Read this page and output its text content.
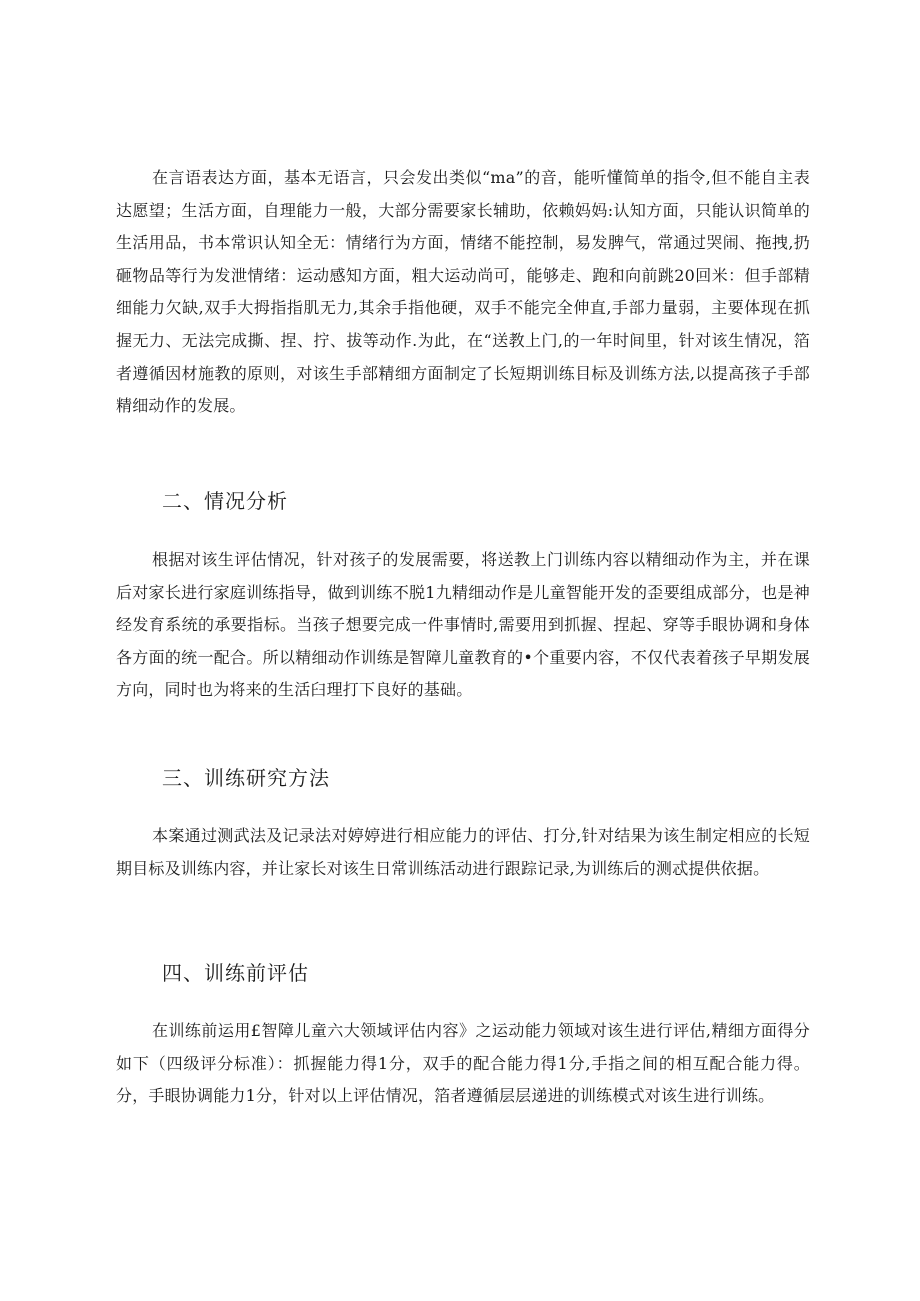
在言语表达方面，基本无语言，只会发出类似“ma”的音，能听懂简单的指令,但不能自主表达愿望；生活方面，自理能力一般，大部分需要家长辅助，依赖妈妈:认知方面，只能认识简单的生活用品，书本常识认知全无：情绪行为方面，情绪不能控制，易发脾气，常通过哭闹、拖拽,扔砸物品等行为发泄情绪：运动感知方面，粗大运动尚可，能够走、跑和向前跳20回米：但手部精细能力欠缺,双手大拇指指肌无力,其余手指他硬，双手不能完全伸直,手部力量弱，主要体现在抓握无力、无法完成撕、捏、拧、拔等动作.为此，在“送教上门,的一年时间里，针对该生情况，箔者遵循因材施教的原则，对该生手部精细方面制定了长短期训练目标及训练方法,以提高孩子手部精细动作的发展。

二、情况分析

根据对该生评估情况，针对孩子的发展需要，将送教上门训练内容以精细动作为主，并在课后对家长进行家庭训练指导，做到训练不脱1九精细动作是儿童智能开发的歪要组成部分，也是神经发育系统的承要指标。当孩子想要完成一件事情时,需要用到抓握、捏起、穿等手眼协调和身体各方面的统一配合。所以精细动作训练是智障儿童教育的•个重要内容，不仅代表着孩子早期发展方向，同时也为将来的生活臼理打下良好的基础。

三、训练研究方法

本案通过测武法及记录法对婷婷进行相应能力的评估、打分,针对结果为该生制定相应的长短期目标及训练内容，并让家长对该生日常训练活动进行跟踪记录,为训练后的测忒提供依据。

四、训练前评估

在训练前运用£智障儿童六大领域评估内容》之运动能力领域对该生进行评估,精细方面得分如下（四级评分标准）：抓握能力得1分，双手的配合能力得1分,手指之间的相互配合能力得。分，手眼协调能力1分，针对以上评估情况，箔者遵循层层递进的训练模式对该生进行训练。
